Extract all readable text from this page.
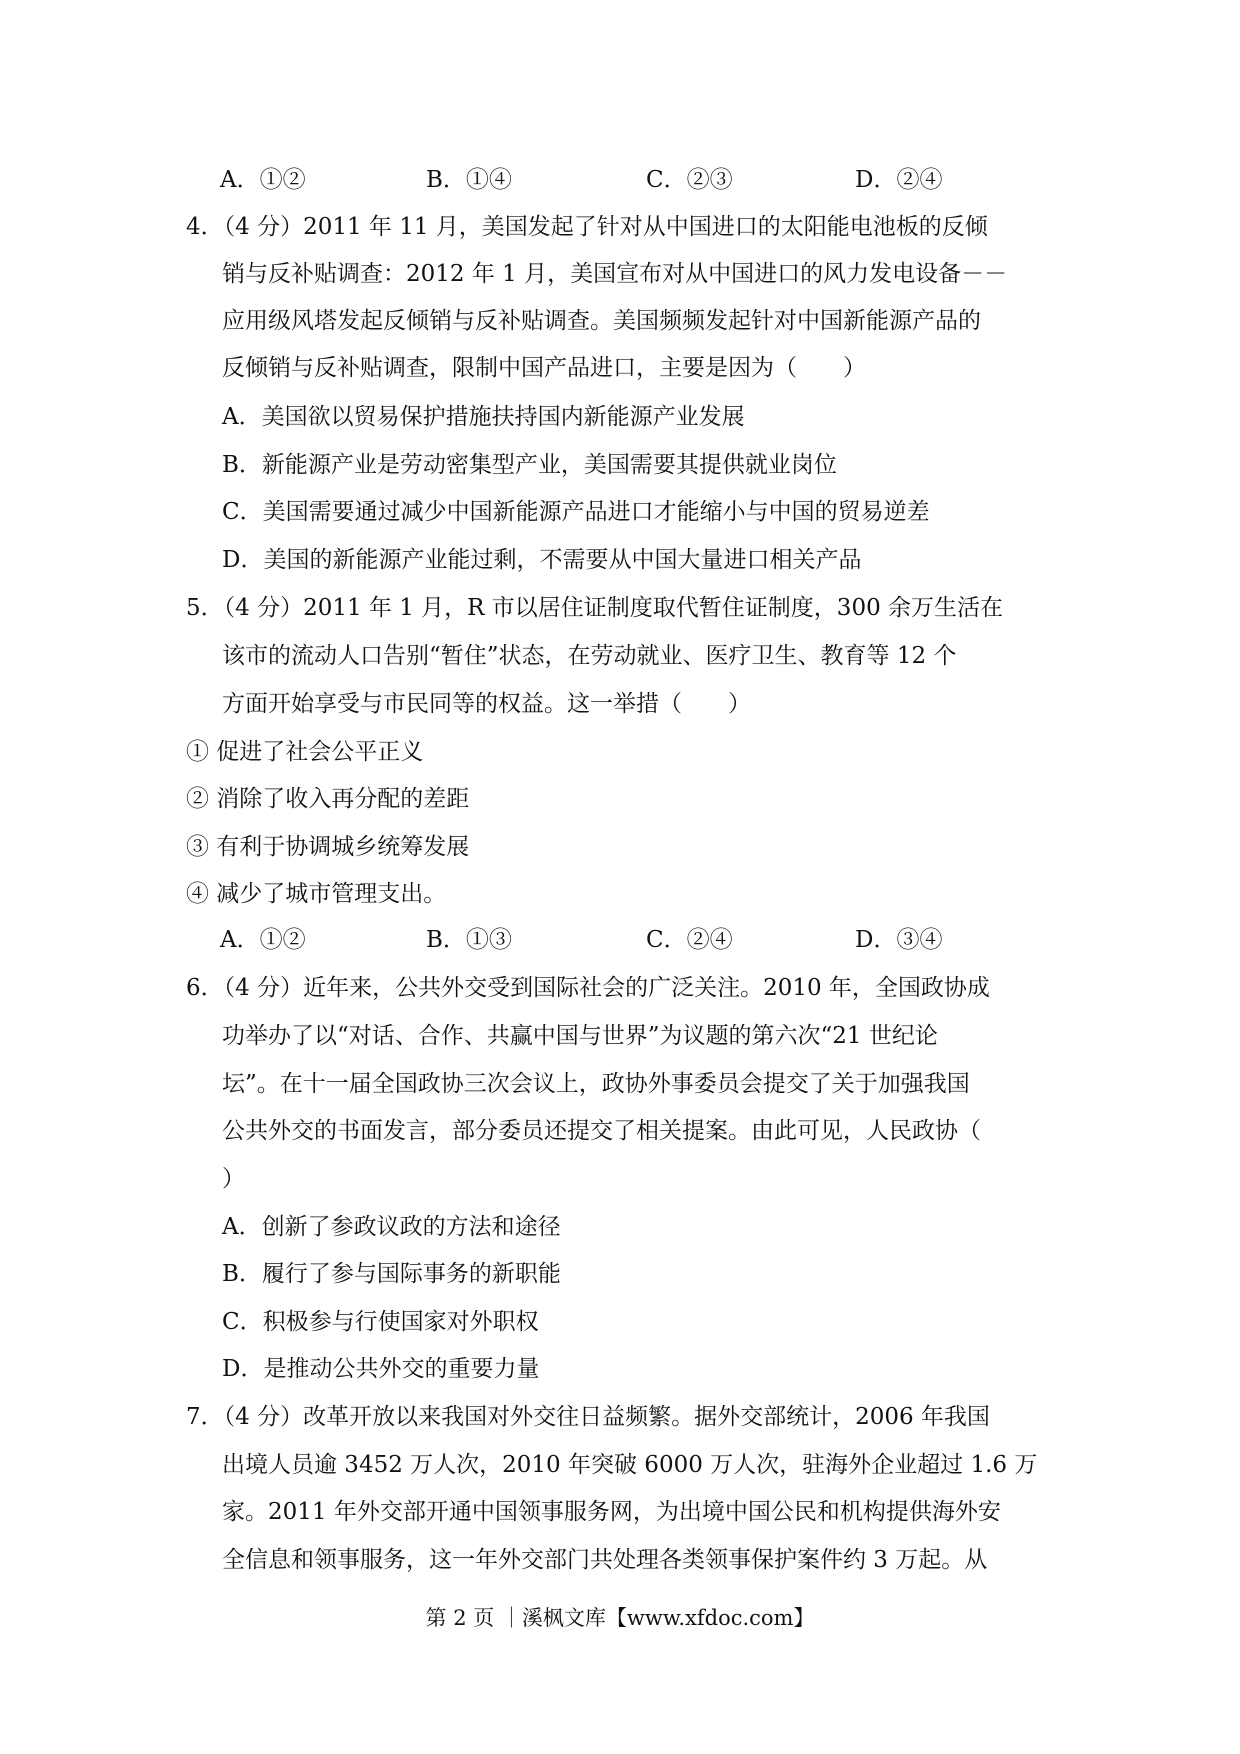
A．①②	B．①④	C．②③	D．②④
4．（4 分）2011 年 11 月，美国发起了针对从中国进口的太阳能电池板的反倾
销与反补贴调查：2012 年 1 月，美国宣布对从中国进口的风力发电设备－－
应用级风塔发起反倾销与反补贴调查。美国频频发起针对中国新能源产品的
反倾销与反补贴调查，限制中国产品进口，主要是因为（　　）
A．美国欲以贸易保护措施扶持国内新能源产业发展
B．新能源产业是劳动密集型产业，美国需要其提供就业岗位
C．美国需要通过减少中国新能源产品进口才能缩小与中国的贸易逆差
D．美国的新能源产业能过剩，不需要从中国大量进口相关产品
5．（4 分）2011 年 1 月，R 市以居住证制度取代暂住证制度，300 余万生活在
该市的流动人口告别“暂住”状态，在劳动就业、医疗卫生、教育等 12 个
方面开始享受与市民同等的权益。这一举措（　　）
① 促进了社会公平正义
② 消除了收入再分配的差距
③ 有利于协调城乡统筹发展
④ 减少了城市管理支出。
A．①②	B．①③	C．②④	D．③④
6．（4 分）近年来，公共外交受到国际社会的广泛关注。2010 年，全国政协成
功举办了以“对话、合作、共赢中国与世界”为议题的第六次“21 世纪论
坛”。在十一届全国政协三次会议上，政协外事委员会提交了关于加强我国
公共外交的书面发言，部分委员还提交了相关提案。由此可见，人民政协（
）
A．创新了参政议政的方法和途径
B．履行了参与国际事务的新职能
C．积极参与行使国家对外职权
D．是推动公共外交的重要力量
7．（4 分）改革开放以来我国对外交往日益频繁。据外交部统计，2006 年我国
出境人员逾 3452 万人次，2010 年突破 6000 万人次，驻海外企业超过 1.6 万
家。2011 年外交部开通中国领事服务网，为出境中国公民和机构提供海外安
全信息和领事服务，这一年外交部门共处理各类领事保护案件约 3 万起。从
第 2 页 ｜溪枫文库【www.xfdoc.com】
